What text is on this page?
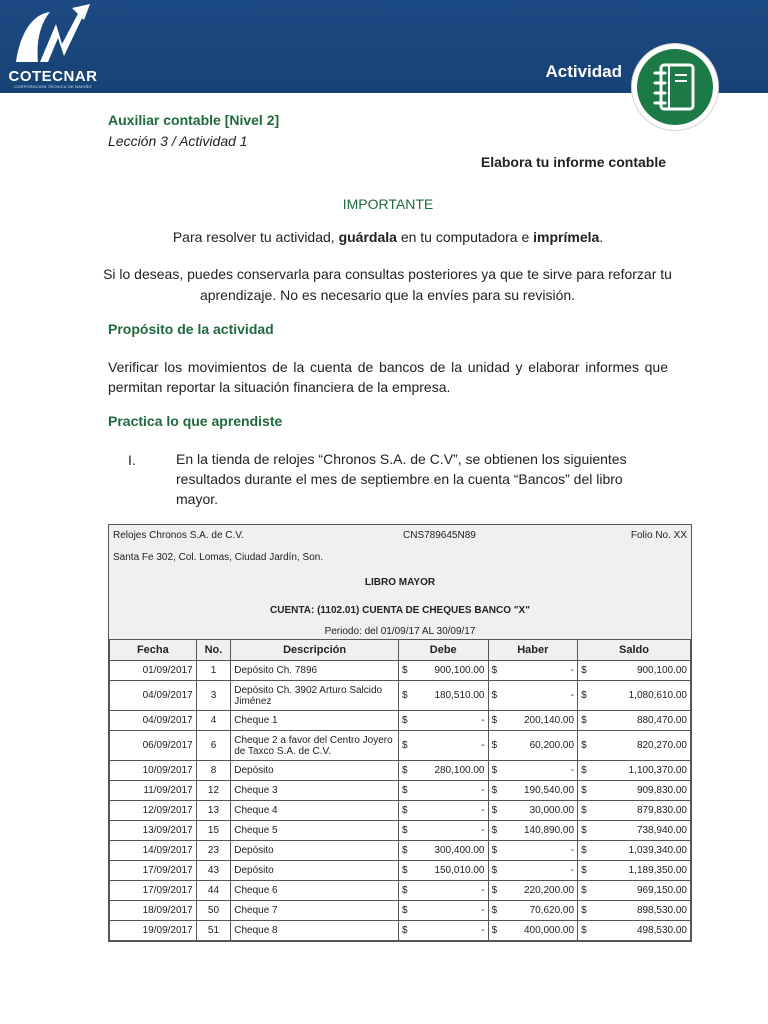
COTECNAR
CORPORACIÓN TÉCNICA DE NARIÑO
Actividad
Auxiliar contable [Nivel 2]
Lección 3 / Actividad 1
Elabora tu informe contable
IMPORTANTE
Para resolver tu actividad, guárdala en tu computadora e imprímela.
Si lo deseas, puedes conservarla para consultas posteriores ya que te sirve para reforzar tu aprendizaje. No es necesario que la envíes para su revisión.
Propósito de la actividad
Verificar los movimientos de la cuenta de bancos de la unidad y elaborar informes que permitan reportar la situación financiera de la empresa.
Practica lo que aprendiste
I.	En la tienda de relojes “Chronos S.A. de C.V”, se obtienen los siguientes resultados durante el mes de septiembre en la cuenta “Bancos” del libro mayor.
Relojes Chronos S.A. de C.V.	CNS789645N89	Folio No. XX
Santa Fe 302, Col. Lomas, Ciudad Jardín, Son.
LIBRO MAYOR
CUENTA: (1102.01) CUENTA DE CHEQUES BANCO "X"
Periodo: del 01/09/17 AL 30/09/17
Fecha	No.	Descripción	Debe	Haber	Saldo
01/09/2017	1	Depósito Ch. 7896	$ 900,100.00	$ -	$ 900,100.00

04/09/2017	3	Depósito Ch. 3902 Arturo Salcido Jiménez	$ 180,510.00	$ -	$ 1,080,610.00

04/09/2017	4	Cheque 1	$ -	$ 200,140.00	$ 880,470.00

06/09/2017	6	Cheque 2 a favor del Centro Joyero de Taxco S.A. de C.V.	$ -	$ 60,200.00	$ 820,270.00

10/09/2017	8	Depósito	$ 280,100.00	$ -	$ 1,100,370.00

11/09/2017	12	Cheque 3	$ -	$ 190,540.00	$ 909,830.00

12/09/2017	13	Cheque 4	$ -	$ 30,000.00	$ 879,830.00

13/09/2017	15	Cheque 5	$ -	$ 140,890.00	$ 738,940.00

14/09/2017	23	Depósito	$ 300,400.00	$ -	$ 1,039,340.00

17/09/2017	43	Depósito	$ 150,010.00	$ -	$ 1,189,350.00

17/09/2017	44	Cheque 6	$ -	$ 220,200.00	$ 969,150.00

18/09/2017	50	Cheque 7	$ -	$ 70,620.00	$ 898,530.00

19/09/2017	51	Cheque 8	$ -	$ 400,000.00	$ 498,530.00
